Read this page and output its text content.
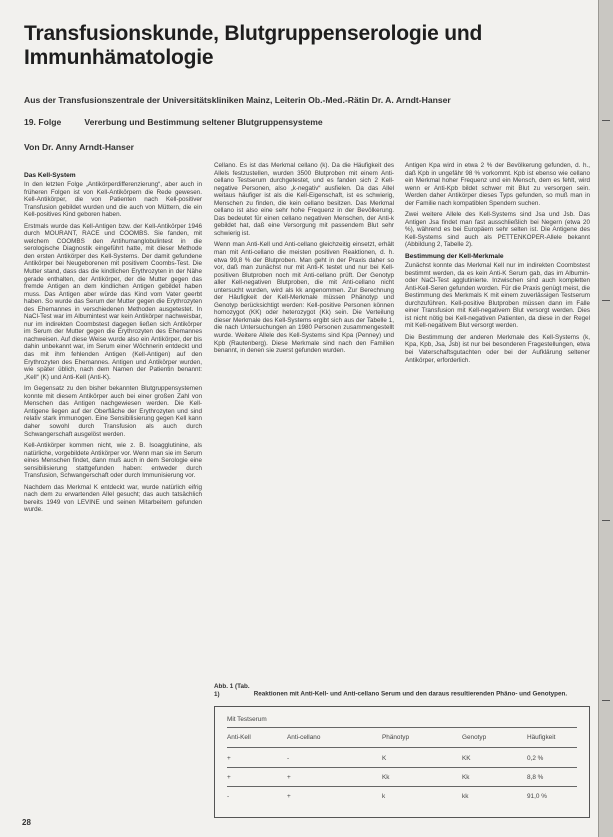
Transfusionskunde, Blutgruppenserologie und Immunhämatologie
Aus der Transfusionszentrale der Universitätskliniken Mainz, Leiterin Ob.-Med.-Rätin Dr. A. Arndt-Hanser
19. Folge	Vererbung und Bestimmung seltener Blutgruppensysteme
Von Dr. Anny Arndt-Hanser
Das Kell-System

In den letzten Folge „Antikörperdifferenzierung“, aber auch in früheren Folgen ist von Kell-Antikörpern die Rede gewesen. Kell-Antikörper, die von Patienten nach Kell-positiver Transfusion gebildet wurden und die auch von Müttern, die ein Kell-positives Kind geboren haben.

Erstmals wurde das Kell-Antigen bzw. der Kell-Antikörper 1946 durch MOURANT, RACE und COOMBS. Sie fanden, mit welchem COOMBS den Antihumanglobulintest in die serologische Diagnostik eingeführt hatte, mit dieser Methode den ersten Antikörper des Kell-Systems. Der damit gefundene Antikörper bei Neugeborenen mit positivem Coombs-Test. Die Mutter stand, dass das die kindlichen Erythrozyten in der Nähe gerade enthalten, der Antikörper, der die Mutter gegen das fremde Antigen an dem kindlichen Antigen gebildet haben muss. Das Antigen aber würde das Kind vom Vater geerbt haben. So wurde das Serum der Mutter gegen die Erythrozyten des Ehemannes in verschiedenen Methoden ausgetestet. In NaCl-Test war im Albumintest war kein Antikörper nachweisbar, nur im indirekten Coombstest dagegen ließen sich Antikörper im Serum der Mutter gegen die Erythrozyten des Ehemannes nachweisen. Auf diese Weise wurde also ein Antikörper, der bis dahin unbekannt war, im Serum einer Wöchnerin entdeckt und das mit ihm fehlenden Antigen (Kell-Antigen) auf den Erythrozyten des Ehemannes. Antigen und Antikörper wurden, wie später üblich, nach dem Namen der Patientin benannt: „Kell“ (K) und Anti-Kell (Anti-K).

Im Gegensatz zu den bisher bekannten Blutgruppensystemen konnte mit diesem Antikörper auch bei einer großen Zahl von Menschen das Antigen nachgewiesen werden. Die Kell-Antigene liegen auf der Oberfläche der Erythrozyten und sind relativ stark immunogen. Eine Sensibilisierung gegen Kell kann daher sowohl durch Transfusion als auch durch Schwangerschaft ausgelöst werden.

Kell-Antikörper kommen nicht, wie z. B. Isoagglutinine, als natürliche, vorgebildete Antikörper vor. Wenn man sie im Serum eines Menschen findet, dann muß auch in dem Serologie eine sensibilisierung stattgefunden haben: entweder durch Transfusion, Schwangerschaft oder durch Immunisierung vor.

Nachdem das Merkmal K entdeckt war, wurde natürlich eifrig nach dem zu erwartenden Allel gesucht; das auch tatsächlich bereits 1949 von LEVINE und seinen Mitarbeitern gefunden wurde.

Cellano. Es ist das Merkmal cellano (k). Da die Häufigkeit des Allels festzustellen, wurden 3500 Blutproben mit einem Anti-cellano Testserum durchgetestet, und es fanden sich 2 Kell-negative Personen, also „k-negativ“ ausfielen. Da das Allel weitaus häufiger ist als die Kell-Eigenschaft, ist es schwierig, Menschen zu finden, die kein cellano besitzen. Das Merkmal cellano ist also eine sehr hohe Frequenz in der Bevölkerung. Das bedeutet für einen cellano negativen Menschen, der Anti-k gebildet hat, daß eine Versorgung mit passendem Blut sehr schwierig ist.

Wenn man Anti-Kell und Anti-cellano gleichzeitig einsetzt, erhält man mit Anti-cellano die meisten positiven Reaktionen, d. h. etwa 99,8 % der Blutproben. Man geht in der Praxis daher so vor, daß man zunächst nur mit Anti-K testet und nur bei Kell-positiven Blutproben noch mit Anti-cellano prüft. Der Genotyp aller Kell-negativen Blutproben, die mit Anti-cellano nicht untersucht wurden, wird als kk angenommen. Zur Berechnung der Häufigkeit der Kell-Merkmale müssen Phänotyp und Genotyp berücksichtigt werden: Kell-positive Personen können homozygot (KK) oder heterozygot (Kk) sein. Die Verteilung dieser Merkmale des Kell-Systems ergibt sich aus der Tabelle 1, die nach Untersuchungen an 1980 Personen zusammengestellt wurde. Weitere Allele des Kell-Systems sind Kpa (Penney) und Kpb (Rautenberg). Diese Merkmale sind nach den Familien benannt, in denen sie zuerst gefunden wurden.

Antigen Kpa wird in etwa 2 % der Bevölkerung gefunden, d. h., daß Kpb in ungefähr 98 % vorkommt. Kpb ist ebenso wie cellano ein Merkmal hoher Frequenz und ein Mensch, dem es fehlt, wird wenn er Anti-Kpb bildet schwer mit Blut zu versorgen sein. Werden daher Antikörper dieses Typs gefunden, so muß man in der Familie nach kompatiblen Spendern suchen.

Zwei weitere Allele des Kell-Systems sind Jsa und Jsb. Das Antigen Jsa findet man fast ausschließlich bei Negern (etwa 20 %), während es bei Europäern sehr selten ist. Die Antigene des Kell-Systems sind auch als PETTENKOPER-Allele bekannt (Abbildung 2, Tabelle 2).

Bestimmung der Kell-Merkmale

Zunächst konnte das Merkmal Kell nur im indirekten Coombstest bestimmt werden, da es kein Anti-K Serum gab, das im Albumin- oder NaCl-Test agglutinierte. Inzwischen sind auch kompletten Anti-Kell-Seren gefunden worden. Für die Praxis genügt meist, die Bestimmung des Merkmals K mit einem zuverlässigen Testserum durchzuführen. Kell-positive Blutproben müssen dann im Falle einer Transfusion mit Kell-negativem Blut versorgt werden. Dies ist nicht nötig bei Kell-negativen Patienten, da diese in der Regel mit Kell-negativem Blut versorgt werden.

Die Bestimmung der anderen Merkmale des Kell-Systems (k, Kpa, Kpb, Jsa, Jsb) ist nur bei besonderen Fragestellungen, etwa bei Vaterschaftsgutachten oder bei der Aufklärung seltener Antikörper, erforderlich.

Abb. 1 (Tab. 1)	Reaktionen mit Anti-Kell- und Anti-cellano Serum und den daraus resultierenden Phäno- und Genotypen.
Mit Testserum
Anti-Kell	Anti-cellano	Phänotyp	Genotyp	Häufigkeit
+	-	K	KK	0,2 %
+	+	Kk	Kk	8,8 %
-	+	k	kk	91,0 %
28
